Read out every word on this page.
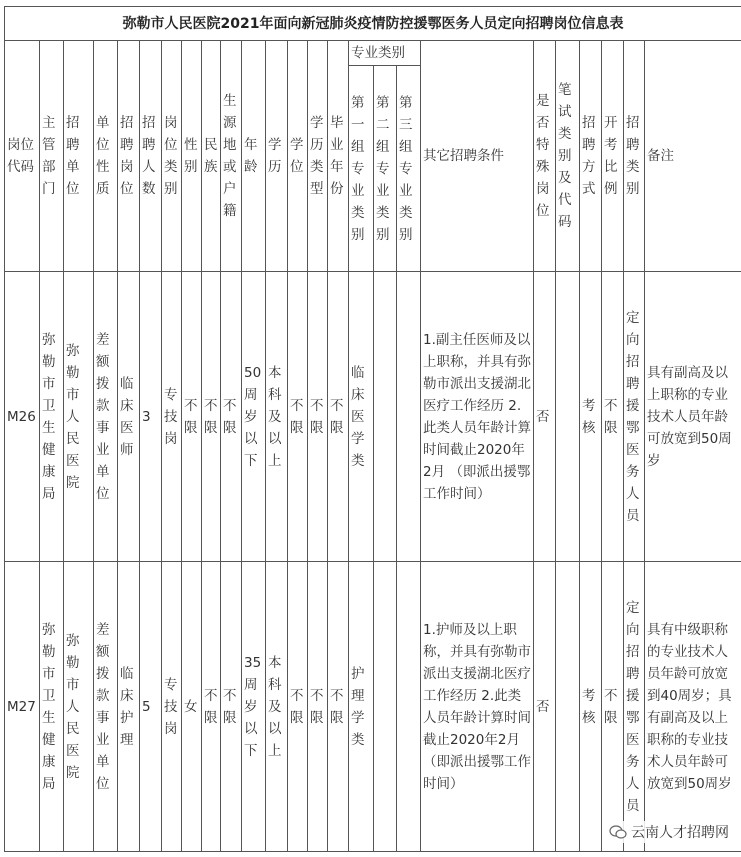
弥勒市人民医院2021年面向新冠肺炎疫情防控援鄂医务人员定向招聘岗位信息表																								
岗位代码	主管部门	招聘单位	单位性质	招聘岗位	招聘人数	岗位类别	性别	民族	生源地或户籍	年龄	学历	学位	学历类型	毕业年份	专业类别			其它招聘条件	是否特殊岗位	笔试类别及代码	招聘方式	开考比例	招聘类别	备注
															第一组专业类别	第二组专业类别	第三组专业类别							
M26	弥勒市卫生健康局	弥勒市人民医院	差额拨款事业单位	临床医师	3	专技岗	不限	不限	不限	50周岁以下	本科及以上	不限	不限	不限	临床医学类			1.副主任医师及以上职称，并具有弥勒市派出支援湖北医疗工作经历 2.此类人员年龄计算时间截止2020年2月 （即派出援鄂工作时间）	否		考核	不限	定向招聘援鄂医务人员	具有副高及以上职称的专业技术人员年龄可放宽到50周岁
M27	弥勒市卫生健康局	弥勒市人民医院	差额拨款事业单位	临床护理	5	专技岗	女	不限	不限	35周岁以下	本科及以上	不限	不限	不限	护理学类			1.护师及以上职称，并具有弥勒市派出支援湖北医疗工作经历 2.此类人员年龄计算时间截止2020年2月（即派出援鄂工作时间）	否		考核	不限	定向招聘援鄂医务人员	具有中级职称的专业技术人员年龄可放宽到40周岁；具有副高及以上职称的专业技术人员年龄可放宽到50周岁
云南人才招聘网
